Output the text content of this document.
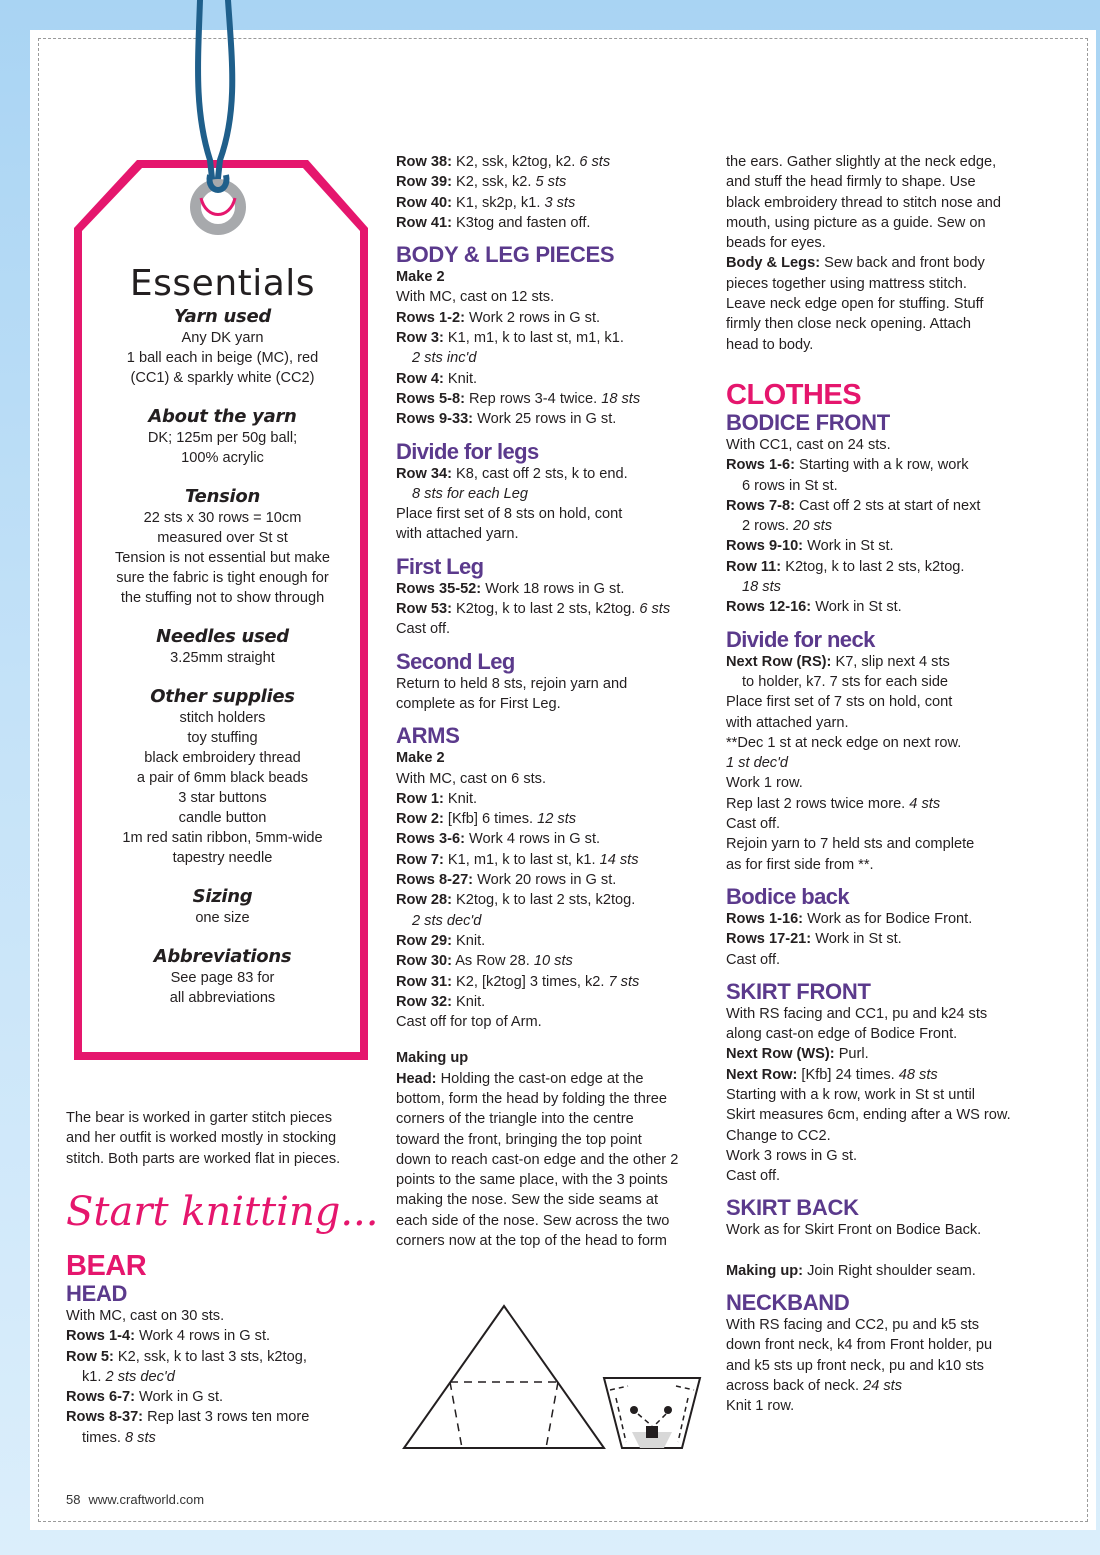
Essentials

Yarn used

Any DK yarn

1 ball each in beige (MC), red

(CC1) & sparkly white (CC2)

About the yarn

DK; 125m per 50g ball;

100% acrylic

Tension

22 sts x 30 rows = 10cm

measured over St st

Tension is not essential but make

sure the fabric is tight enough for

the stuffing not to show through

Needles used

3.25mm straight

Other supplies

stitch holders

toy stuffing

black embroidery thread

a pair of 6mm black beads

3 star buttons

candle button

1m red satin ribbon, 5mm-wide

tapestry needle

Sizing

one size

Abbreviations

See page 83 for

all abbreviations

The bear is worked in garter stitch pieces

and her outfit is worked mostly in stocking

stitch. Both parts are worked flat in pieces.

Start knitting...

BEAR

HEAD

With MC, cast on 30 sts.

Rows 1-4: Work 4 rows in G st.

Row 5: K2, ssk, k to last 3 sts, k2tog,

k1. 2 sts dec'd

Rows 6-7: Work in G st.

Rows 8-37: Rep last 3 rows ten more

times. 8 sts

Row 38: K2, ssk, k2tog, k2. 6 sts

Row 39: K2, ssk, k2. 5 sts

Row 40: K1, sk2p, k1. 3 sts

Row 41: K3tog and fasten off.

BODY & LEG PIECES

Make 2

With MC, cast on 12 sts.

Rows 1-2: Work 2 rows in G st.

Row 3: K1, m1, k to last st, m1, k1.

2 sts inc'd

Row 4: Knit.

Rows 5-8: Rep rows 3-4 twice. 18 sts

Rows 9-33: Work 25 rows in G st.

Divide for legs

Row 34: K8, cast off 2 sts, k to end.

8 sts for each Leg

Place first set of 8 sts on hold, cont

with attached yarn.

First Leg

Rows 35-52: Work 18 rows in G st.

Row 53: K2tog, k to last 2 sts, k2tog. 6 sts

Cast off.

Second Leg

Return to held 8 sts, rejoin yarn and

complete as for First Leg.

ARMS

Make 2

With MC, cast on 6 sts.

Row 1: Knit.

Row 2: [Kfb] 6 times. 12 sts

Rows 3-6: Work 4 rows in G st.

Row 7: K1, m1, k to last st, k1. 14 sts

Rows 8-27: Work 20 rows in G st.

Row 28: K2tog, k to last 2 sts, k2tog.

2 sts dec'd

Row 29: Knit.

Row 30: As Row 28. 10 sts

Row 31: K2, [k2tog] 3 times, k2. 7 sts

Row 32: Knit.

Cast off for top of Arm.

Making up

Head: Holding the cast-on edge at the

bottom, form the head by folding the three

corners of the triangle into the centre

toward the front, bringing the top point

down to reach cast-on edge and the other 2

points to the same place, with the 3 points

making the nose. Sew the side seams at

each side of the nose. Sew across the two

corners now at the top of the head to form

the ears. Gather slightly at the neck edge,

and stuff the head firmly to shape. Use

black embroidery thread to stitch nose and

mouth, using picture as a guide. Sew on

beads for eyes.

Body & Legs: Sew back and front body

pieces together using mattress stitch.

Leave neck edge open for stuffing. Stuff

firmly then close neck opening. Attach

head to body.

CLOTHES

BODICE FRONT

With CC1, cast on 24 sts.

Rows 1-6: Starting with a k row, work

6 rows in St st.

Rows 7-8: Cast off 2 sts at start of next

2 rows. 20 sts

Rows 9-10: Work in St st.

Row 11: K2tog, k to last 2 sts, k2tog.

18 sts

Rows 12-16: Work in St st.

Divide for neck

Next Row (RS): K7, slip next 4 sts

to holder, k7. 7 sts for each side

Place first set of 7 sts on hold, cont

with attached yarn.

**Dec 1 st at neck edge on next row.

1 st dec'd

Work 1 row.

Rep last 2 rows twice more. 4 sts

Cast off.

Rejoin yarn to 7 held sts and complete

as for first side from **.

Bodice back

Rows 1-16: Work as for Bodice Front.

Rows 17-21: Work in St st.

Cast off.

SKIRT FRONT

With RS facing and CC1, pu and k24 sts

along cast-on edge of Bodice Front.

Next Row (WS): Purl.

Next Row: [Kfb] 24 times. 48 sts

Starting with a k row, work in St st until

Skirt measures 6cm, ending after a WS row.

Change to CC2.

Work 3 rows in G st.

Cast off.

SKIRT BACK

Work as for Skirt Front on Bodice Back.

Making up: Join Right shoulder seam.

NECKBAND

With RS facing and CC2, pu and k5 sts

down front neck, k4 from Front holder, pu

and k5 sts up front neck, pu and k10 sts

across back of neck. 24 sts

Knit 1 row.

58 www.craftworld.com
